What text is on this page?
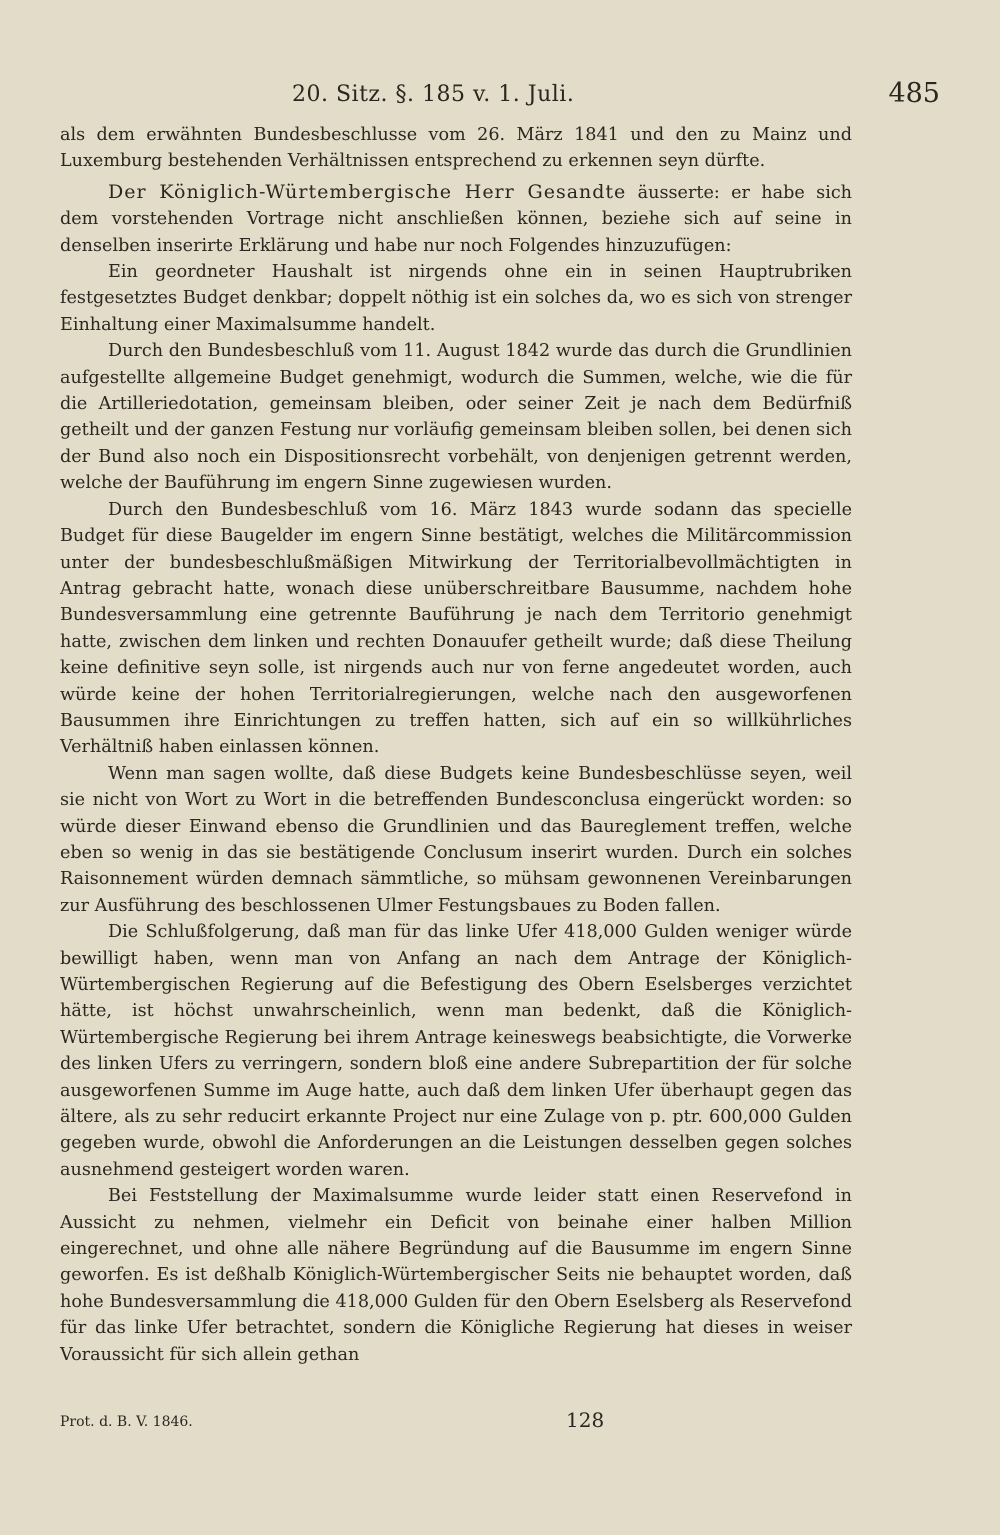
20. Sitz. §. 185 v. 1. Juli.	485

als dem erwähnten Bundesbeschlusse vom 26. März 1841 und den zu Mainz und Luxemburg bestehenden Verhältnissen entsprechend zu erkennen seyn dürfte.

Der Königlich-Würtembergische Herr Gesandte äusserte: er habe sich dem vorstehenden Vortrage nicht anschließen können, beziehe sich auf seine in denselben inserirte Erklärung und habe nur noch Folgendes hinzuzufügen:

Ein geordneter Haushalt ist nirgends ohne ein in seinen Hauptrubriken festgesetztes Budget denkbar; doppelt nöthig ist ein solches da, wo es sich von strenger Einhaltung einer Maximalsumme handelt.

Durch den Bundesbeschluß vom 11. August 1842 wurde das durch die Grundlinien aufgestellte allgemeine Budget genehmigt, wodurch die Summen, welche, wie die für die Artilleriedotation, gemeinsam bleiben, oder seiner Zeit je nach dem Bedürfniß getheilt und der ganzen Festung nur vorläufig gemeinsam bleiben sollen, bei denen sich der Bund also noch ein Dispositionsrecht vorbehält, von denjenigen getrennt werden, welche der Bauführung im engern Sinne zugewiesen wurden.

Durch den Bundesbeschluß vom 16. März 1843 wurde sodann das specielle Budget für diese Baugelder im engern Sinne bestätigt, welches die Militärcommission unter der bundesbeschlußmäßigen Mitwirkung der Territorialbevollmächtigten in Antrag gebracht hatte, wonach diese unüberschreitbare Bausumme, nachdem hohe Bundesversammlung eine getrennte Bauführung je nach dem Territorio genehmigt hatte, zwischen dem linken und rechten Donauufer getheilt wurde; daß diese Theilung keine definitive seyn solle, ist nirgends auch nur von ferne angedeutet worden, auch würde keine der hohen Territorialregierungen, welche nach den ausgeworfenen Bausummen ihre Einrichtungen zu treffen hatten, sich auf ein so willkührliches Verhältniß haben einlassen können.

Wenn man sagen wollte, daß diese Budgets keine Bundesbeschlüsse seyen, weil sie nicht von Wort zu Wort in die betreffenden Bundesconclusa eingerückt worden: so würde dieser Einwand ebenso die Grundlinien und das Baureglement treffen, welche eben so wenig in das sie bestätigende Conclusum inserirt wurden. Durch ein solches Raisonnement würden demnach sämmtliche, so mühsam gewonnenen Vereinbarungen zur Ausführung des beschlossenen Ulmer Festungsbaues zu Boden fallen.

Die Schlußfolgerung, daß man für das linke Ufer 418,000 Gulden weniger würde bewilligt haben, wenn man von Anfang an nach dem Antrage der Königlich-Würtembergischen Regierung auf die Befestigung des Obern Eselsberges verzichtet hätte, ist höchst unwahrscheinlich, wenn man bedenkt, daß die Königlich-Würtembergische Regierung bei ihrem Antrage keineswegs beabsichtigte, die Vorwerke des linken Ufers zu verringern, sondern bloß eine andere Subrepartition der für solche ausgeworfenen Summe im Auge hatte, auch daß dem linken Ufer überhaupt gegen das ältere, als zu sehr reducirt erkannte Project nur eine Zulage von p. ptr. 600,000 Gulden gegeben wurde, obwohl die Anforderungen an die Leistungen desselben gegen solches ausnehmend gesteigert worden waren.

Bei Feststellung der Maximalsumme wurde leider statt einen Reservefond in Aussicht zu nehmen, vielmehr ein Deficit von beinahe einer halben Million eingerechnet, und ohne alle nähere Begründung auf die Bausumme im engern Sinne geworfen. Es ist deßhalb Königlich-Würtembergischer Seits nie behauptet worden, daß hohe Bundesversammlung die 418,000 Gulden für den Obern Eselsberg als Reservefond für das linke Ufer betrachtet, sondern die Königliche Regierung hat dieses in weiser Voraussicht für sich allein gethan

Prot. d. B. V. 1846.	128
